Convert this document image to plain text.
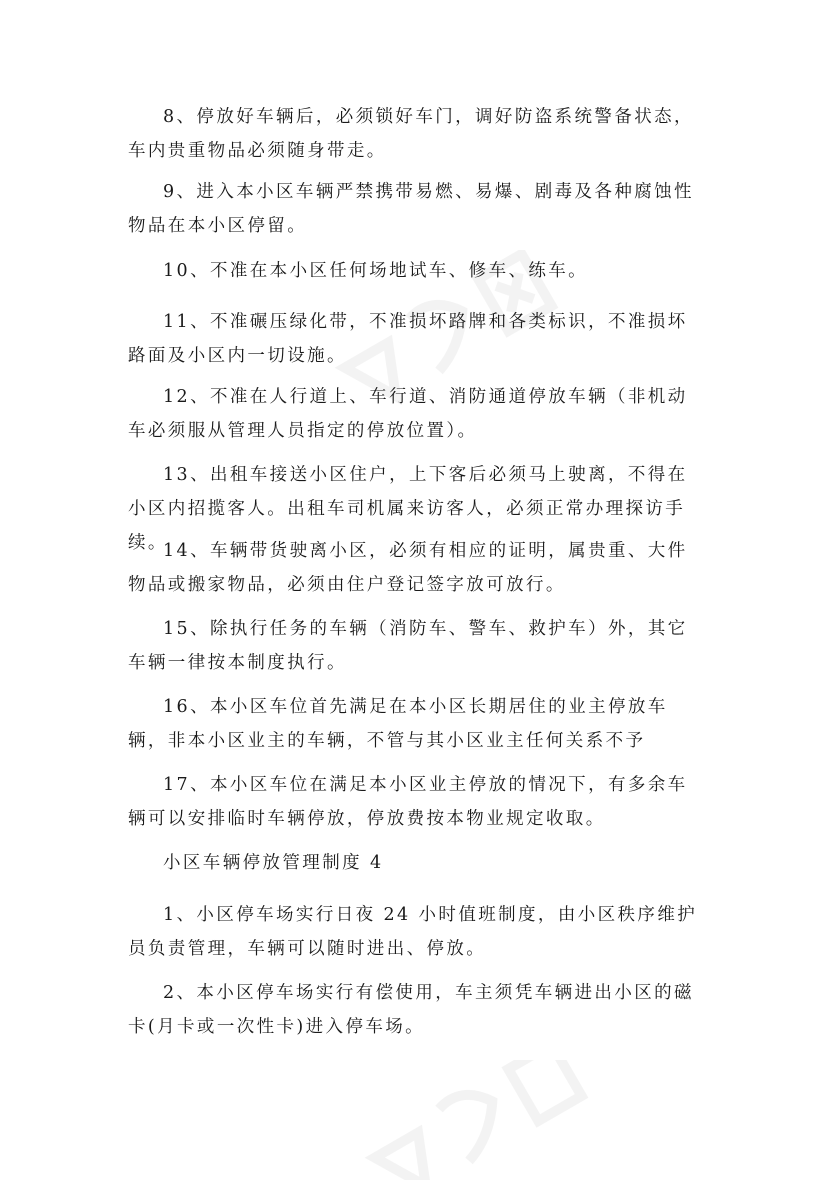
8、停放好车辆后，必须锁好车门，调好防盗系统警备状态，车内贵重物品必须随身带走。

9、进入本小区车辆严禁携带易燃、易爆、剧毒及各种腐蚀性物品在本小区停留。

10、不准在本小区任何场地试车、修车、练车。

11、不准碾压绿化带，不准损坏路牌和各类标识，不准损坏路面及小区内一切设施。

12、不准在人行道上、车行道、消防通道停放车辆（非机动车必须服从管理人员指定的停放位置）。

13、出租车接送小区住户，上下客后必须马上驶离，不得在小区内招揽客人。出租车司机属来访客人，必须正常办理探访手续。

14、车辆带货驶离小区，必须有相应的证明，属贵重、大件物品或搬家物品，必须由住户登记签字放可放行。

15、除执行任务的车辆（消防车、警车、救护车）外，其它车辆一律按本制度执行。

16、本小区车位首先满足在本小区长期居住的业主停放车辆，非本小区业主的车辆，不管与其小区业主任何关系不予

17、本小区车位在满足本小区业主停放的情况下，有多余车辆可以安排临时车辆停放，停放费按本物业规定收取。

小区车辆停放管理制度 4

1、小区停车场实行日夜 24 小时值班制度，由小区秩序维护员负责管理，车辆可以随时进出、停放。

2、本小区停车场实行有偿使用，车主须凭车辆进出小区的磁卡(月卡或一次性卡)进入停车场。
